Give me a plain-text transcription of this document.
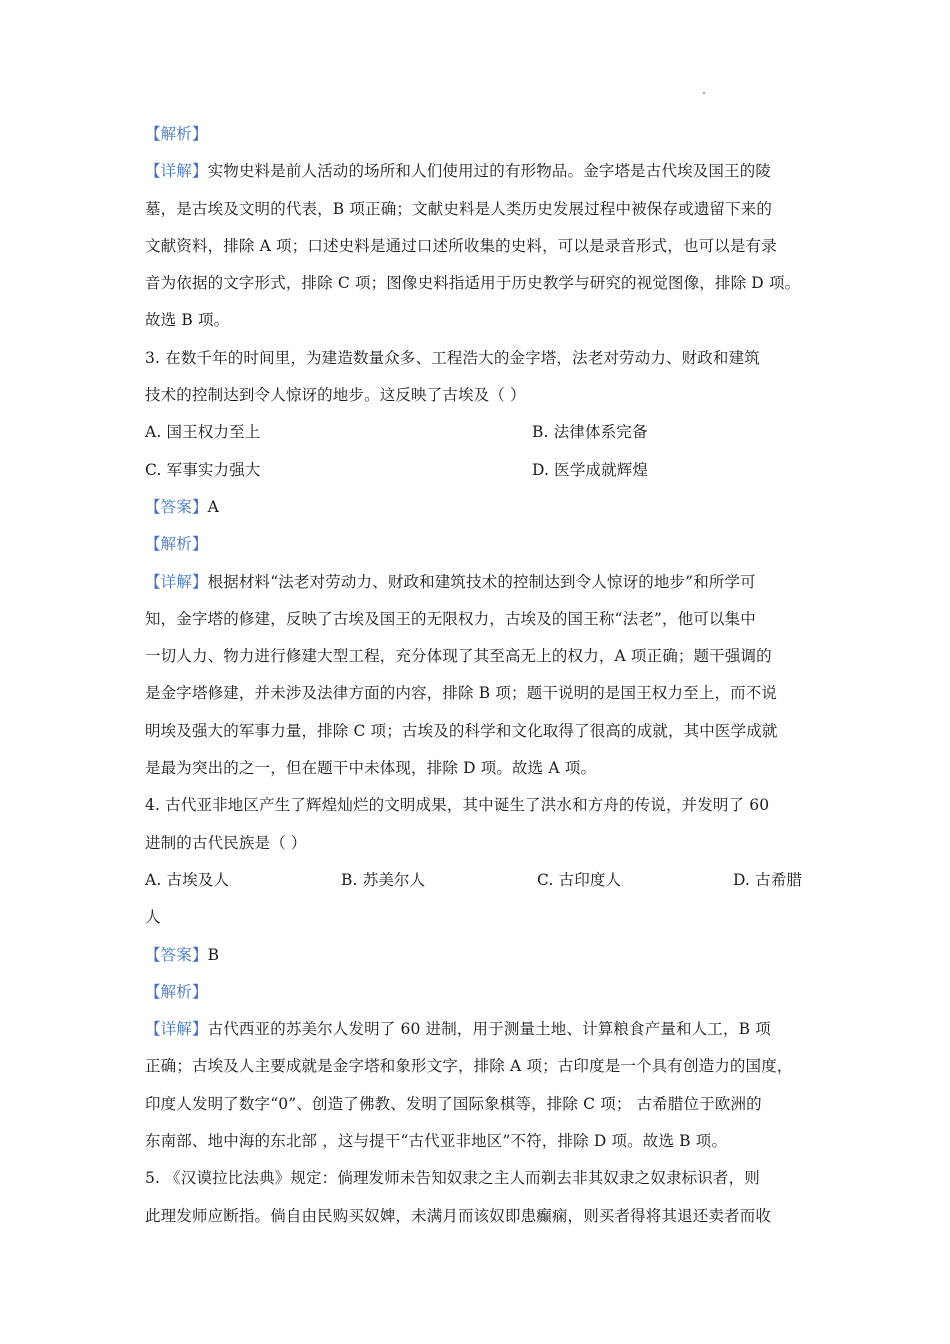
【解析】
【详解】实物史料是前人活动的场所和人们使用过的有形物品。金字塔是古代埃及国王的陵
墓，是古埃及文明的代表，B 项正确；文献史料是人类历史发展过程中被保存或遗留下来的
文献资料，排除 A 项；口述史料是通过口述所收集的史料，可以是录音形式，也可以是有录
音为依据的文字形式，排除 C 项；图像史料指适用于历史教学与研究的视觉图像，排除 D 项。
故选 B 项。
3. 在数千年的时间里，为建造数量众多、工程浩大的金字塔，法老对劳动力、财政和建筑
技术的控制达到令人惊讶的地步。这反映了古埃及（ ）
A. 国王权力至上	B. 法律体系完备
C. 军事实力强大	D. 医学成就辉煌
【答案】A
【解析】
【详解】根据材料“法老对劳动力、财政和建筑技术的控制达到令人惊讶的地步”和所学可
知，金字塔的修建，反映了古埃及国王的无限权力，古埃及的国王称“法老”，他可以集中
一切人力、物力进行修建大型工程，充分体现了其至高无上的权力，A 项正确；题干强调的
是金字塔修建，并未涉及法律方面的内容，排除 B 项；题干说明的是国王权力至上，而不说
明埃及强大的军事力量，排除 C 项；古埃及的科学和文化取得了很高的成就，其中医学成就
是最为突出的之一，但在题干中未体现，排除 D 项。故选 A 项。
4. 古代亚非地区产生了辉煌灿烂的文明成果，其中诞生了洪水和方舟的传说，并发明了 60
进制的古代民族是（ ）
A. 古埃及人	B. 苏美尔人	C. 古印度人	D. 古希腊
人
【答案】B
【解析】
【详解】古代西亚的苏美尔人发明了 60 进制，用于测量土地、计算粮食产量和人工，B 项
正确；古埃及人主要成就是金字塔和象形文字，排除 A 项；古印度是一个具有创造力的国度，
印度人发明了数字“0”、创造了佛教、发明了国际象棋等，排除 C 项； 古希腊位于欧洲的
东南部、地中海的东北部 ，这与提干“古代亚非地区”不符，排除 D 项。故选 B 项。
5. 《汉谟拉比法典》规定：倘理发师未告知奴隶之主人而剃去非其奴隶之奴隶标识者，则
此理发师应断指。倘自由民购买奴婢，未满月而该奴即患癫痫，则买者得将其退还卖者而收
